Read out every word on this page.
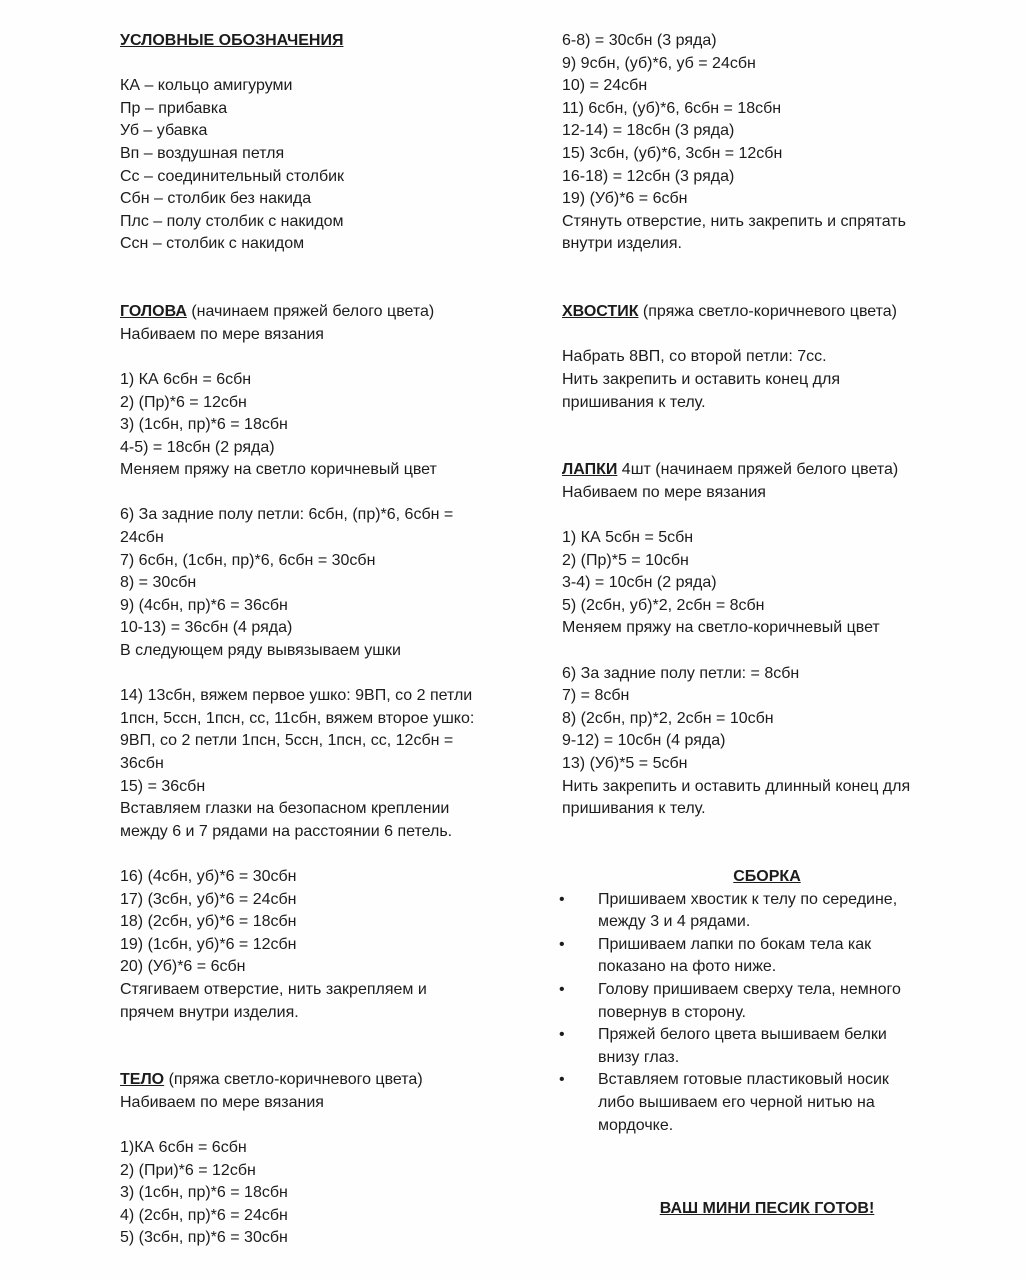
УСЛОВНЫЕ ОБОЗНАЧЕНИЯ

КА – кольцо амигуруми

Пр – прибавка

Уб – убавка

Вп – воздушная петля

Сс – соединительный столбик

Сбн – столбик без накида

Плс – полу столбик с накидом

Ссн – столбик с накидом

ГОЛОВА (начинаем пряжей белого цвета)

Набиваем по мере вязания

1) КА 6сбн = 6сбн

2) (Пр)*6 = 12сбн

3) (1сбн, пр)*6 = 18сбн

4-5) = 18сбн (2 ряда)

Меняем пряжу на светло коричневый цвет

6) За задние полу петли: 6сбн, (пр)*6, 6сбн =

24сбн

7) 6сбн, (1сбн, пр)*6, 6сбн = 30сбн

8) = 30сбн

9) (4сбн, пр)*6 = 36сбн

10-13) = 36сбн (4 ряда)

В следующем ряду вывязываем ушки

14) 13сбн, вяжем первое ушко: 9ВП, со 2 петли

1псн, 5ссн, 1псн, сс, 11сбн, вяжем второе ушко:

9ВП, со 2 петли 1псн, 5ссн, 1псн, сс, 12сбн =

36сбн

15) = 36сбн

Вставляем глазки на безопасном креплении

между 6 и 7 рядами на расстоянии 6 петель.

16) (4сбн, уб)*6 = 30сбн

17) (3сбн, уб)*6 = 24сбн

18) (2сбн, уб)*6 = 18сбн

19) (1сбн, уб)*6 = 12сбн

20) (Уб)*6 = 6сбн

Стягиваем отверстие, нить закрепляем и

прячем внутри изделия.

ТЕЛО (пряжа светло-коричневого цвета)

Набиваем по мере вязания

1)КА 6сбн = 6сбн

2) (При)*6 = 12сбн

3) (1сбн, пр)*6 = 18сбн

4) (2сбн, пр)*6 = 24сбн

5) (3сбн, пр)*6 = 30сбн

6-8) = 30сбн (3 ряда)

9) 9сбн, (уб)*6, уб = 24сбн

10) = 24сбн

11) 6сбн, (уб)*6, 6сбн = 18сбн

12-14) = 18сбн (3 ряда)

15) 3сбн, (уб)*6, 3сбн = 12сбн

16-18) = 12сбн (3 ряда)

19) (Уб)*6 = 6сбн

Стянуть отверстие, нить закрепить и спрятать

внутри изделия.

ХВОСТИК (пряжа светло-коричневого цвета)

Набрать 8ВП, со второй петли: 7сс.

Нить закрепить и оставить конец для

пришивания к телу.

ЛАПКИ 4шт (начинаем пряжей белого цвета)

Набиваем по мере вязания

1) КА 5сбн = 5сбн

2) (Пр)*5 = 10сбн

3-4) = 10сбн (2 ряда)

5) (2сбн, уб)*2, 2сбн = 8сбн

Меняем пряжу на светло-коричневый цвет

6) За задние полу петли: = 8сбн

7) = 8сбн

8) (2сбн, пр)*2, 2сбн = 10сбн

9-12) = 10сбн (4 ряда)

13) (Уб)*5 = 5сбн

Нить закрепить и оставить длинный конец для

пришивания к телу.

СБОРКА

• Пришиваем хвостик к телу по середине,
между 3 и 4 рядами.
• Пришиваем лапки по бокам тела как
показано на фото ниже.
• Голову пришиваем сверху тела, немного
повернув в сторону.
• Пряжей белого цвета вышиваем белки
внизу глаз.
• Вставляем готовые пластиковый носик
либо вышиваем его черной нитью на
мордочке.

ВАШ МИНИ ПЕСИК ГОТОВ!
